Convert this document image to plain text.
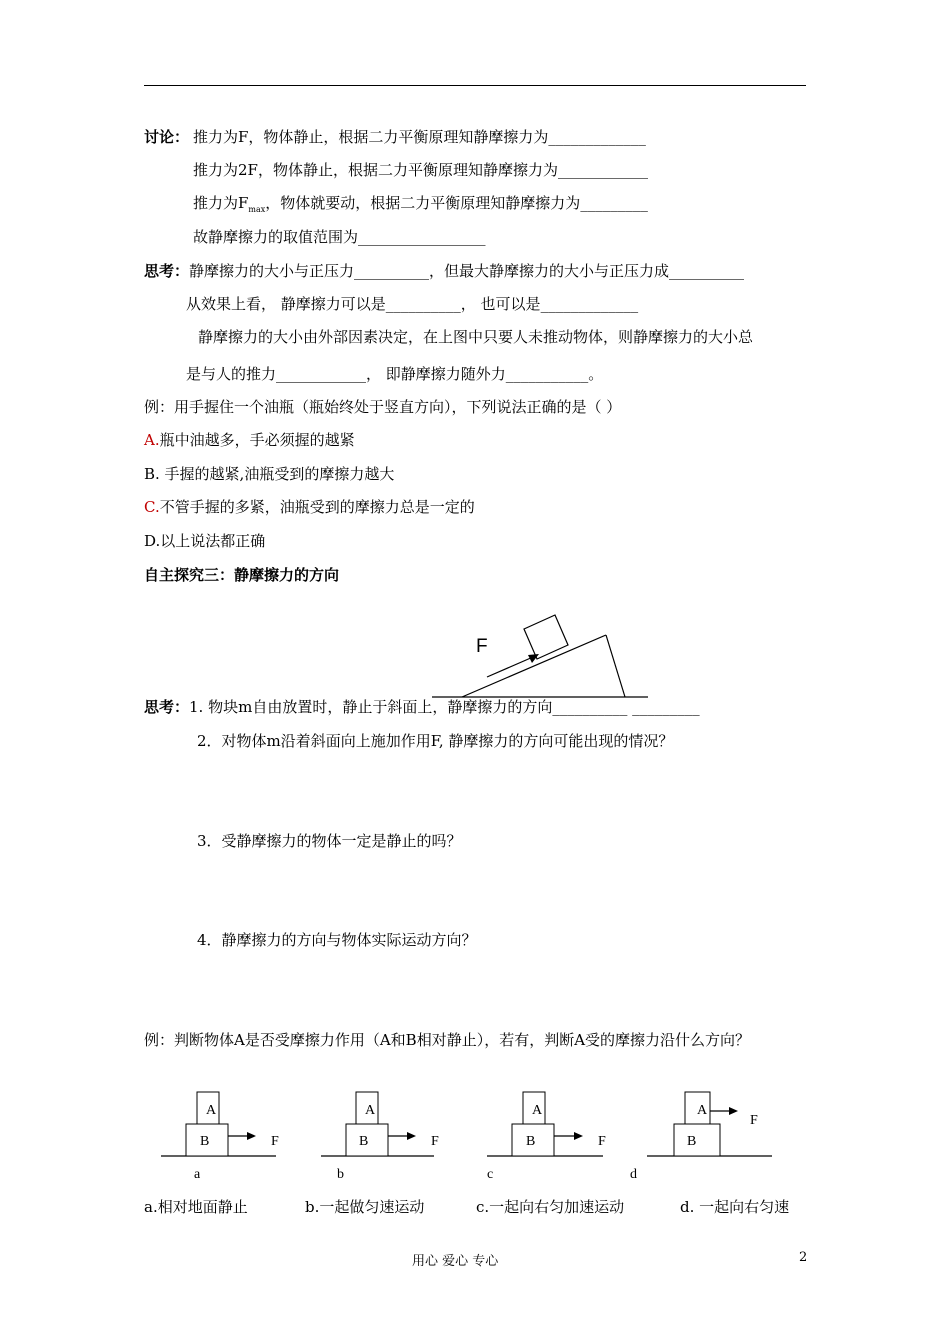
讨论： 推力为F，物体静止，根据二力平衡原理知静摩擦力为_____________
推力为2F，物体静止，根据二力平衡原理知静摩擦力为____________
推力为$F_{max}$，物体就要动，根据二力平衡原理知静摩擦力为_________
故静摩擦力的取值范围为_________________
思考：静摩擦力的大小与正压力__________，但最大静摩擦力的大小与正压力成__________
从效果上看， 静摩擦力可以是__________， 也可以是_____________
静摩擦力的大小由外部因素决定，在上图中只要人未推动物体，则静摩擦力的大小总
是与人的推力____________， 即静摩擦力随外力___________。
例：用手握住一个油瓶（瓶始终处于竖直方向），下列说法正确的是（ ）
A.瓶中油越多，手必须握的越紧
B. 手握的越紧,油瓶受到的摩擦力越大
C.不管手握的多紧，油瓶受到的摩擦力总是一定的
D.以上说法都正确
自主探究三：静摩擦力的方向
F
A
B	F
a
A
B	F
b
A
B	F
c
A
B
F
d
思考：1. 物块m自由放置时，静止于斜面上，静摩擦力的方向__________ _________
2．对物体m沿着斜面向上施加作用F, 静摩擦力的方向可能出现的情况？
3．受静摩擦力的物体一定是静止的吗？
4．静摩擦力的方向与物体实际运动方向？
例：判断物体A是否受摩擦力作用（A和B相对静止），若有，判断A受的摩擦力沿什么方向？
a.相对地面静止	b.一起做匀速运动	c.一起向右匀加速运动	d. 一起向右匀速
用心 爱心 专心	2
